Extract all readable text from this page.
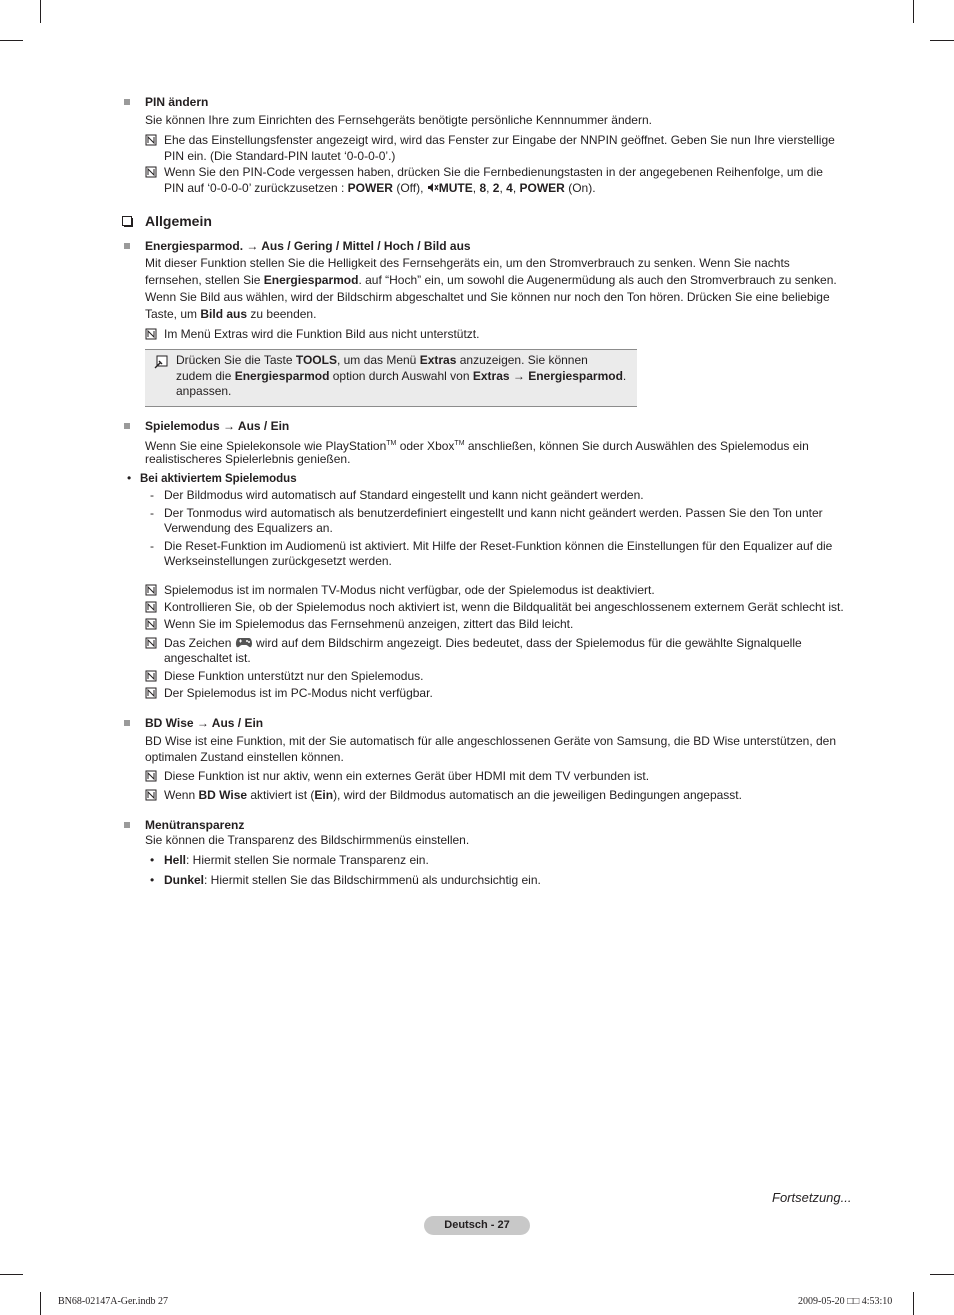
PIN ändern
Sie können Ihre zum Einrichten des Fernsehgeräts benötigte persönliche Kennnummer ändern.
Ehe das Einstellungsfenster angezeigt wird, wird das Fenster zur Eingabe der NNPIN geöffnet. Geben Sie nun Ihre vierstellige
PIN ein. (Die Standard-PIN lautet ‘0-0-0-0’.)
Wenn Sie den PIN-Code vergessen haben, drücken Sie die Fernbedienungstasten in der angegebenen Reihenfolge, um die
PIN auf ‘0-0-0-0’ zurückzusetzen : POWER (Off), MUTE, 8, 2, 4, POWER (On).
Allgemein
Energiesparmod. → Aus / Gering / Mittel / Hoch / Bild aus
Mit dieser Funktion stellen Sie die Helligkeit des Fernsehgeräts ein, um den Stromverbrauch zu senken. Wenn Sie nachts
fernsehen, stellen Sie Energiesparmod. auf “Hoch” ein, um sowohl die Augenermüdung als auch den Stromverbrauch zu senken.
Wenn Sie Bild aus wählen, wird der Bildschirm abgeschaltet und Sie können nur noch den Ton hören. Drücken Sie eine beliebige
Taste, um Bild aus zu beenden.
Im Menü Extras wird die Funktion Bild aus nicht unterstützt.
Drücken Sie die Taste TOOLS, um das Menü Extras anzuzeigen. Sie können
zudem die Energiesparmod option durch Auswahl von Extras → Energiesparmod.
anpassen.
Spielemodus → Aus / Ein
Wenn Sie eine Spielekonsole wie PlayStation™ oder Xbox™ anschließen, können Sie durch Auswählen des Spielemodus ein
realistischeres Spielerlebnis genießen.
• Bei aktiviertem Spielemodus
- Der Bildmodus wird automatisch auf Standard eingestellt und kann nicht geändert werden.
- Der Tonmodus wird automatisch als benutzerdefiniert eingestellt und kann nicht geändert werden. Passen Sie den Ton unter
Verwendung des Equalizers an.
- Die Reset-Funktion im Audiomenü ist aktiviert. Mit Hilfe der Reset-Funktion können die Einstellungen für den Equalizer auf die
Werkseinstellungen zurückgesetzt werden.
Spielemodus ist im normalen TV-Modus nicht verfügbar, ode der Spielemodus ist deaktiviert.
Kontrollieren Sie, ob der Spielemodus noch aktiviert ist, wenn die Bildqualität bei angeschlossenem externem Gerät schlecht ist.
Wenn Sie im Spielemodus das Fernsehmenü anzeigen, zittert das Bild leicht.
Das Zeichen  wird auf dem Bildschirm angezeigt. Dies bedeutet, dass der Spielemodus für die gewählte Signalquelle
angeschaltet ist.
Diese Funktion unterstützt nur den Spielemodus.
Der Spielemodus ist im PC-Modus nicht verfügbar.
BD Wise → Aus / Ein
BD Wise ist eine Funktion, mit der Sie automatisch für alle angeschlossenen Geräte von Samsung, die BD Wise unterstützen, den
optimalen Zustand einstellen können.
Diese Funktion ist nur aktiv, wenn ein externes Gerät über HDMI mit dem TV verbunden ist.
Wenn BD Wise aktiviert ist (Ein), wird der Bildmodus automatisch an die jeweiligen Bedingungen angepasst.
Menütransparenz
Sie können die Transparenz des Bildschirmmenüs einstellen.
• Hell: Hiermit stellen Sie normale Transparenz ein.
• Dunkel: Hiermit stellen Sie das Bildschirmmenü als undurchsichtig ein.
Fortsetzung...
Deutsch - 27
BN68-02147A-Ger.indb 27	2009-05-20 □□ 4:53:10
